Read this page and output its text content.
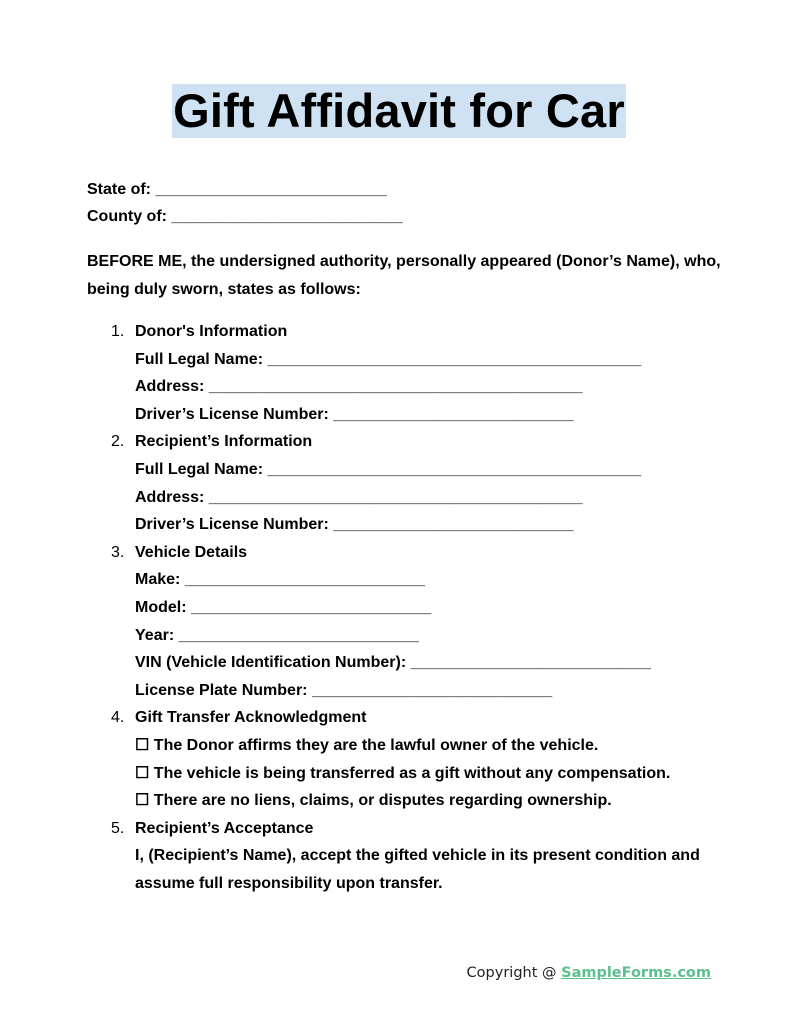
Gift Affidavit for Car
State of: __________________________
County of: __________________________
BEFORE ME, the undersigned authority, personally appeared (Donor’s Name), who, being duly sworn, states as follows:
1. Donor's Information
Full Legal Name: __________________________________________
Address: __________________________________________
Driver’s License Number: ___________________________
2. Recipient’s Information
Full Legal Name: __________________________________________
Address: __________________________________________
Driver’s License Number: ___________________________
3. Vehicle Details
Make: ___________________________
Model: ___________________________
Year: ___________________________
VIN (Vehicle Identification Number): ___________________________
License Plate Number: ___________________________
4. Gift Transfer Acknowledgment
☐ The Donor affirms they are the lawful owner of the vehicle.
☐ The vehicle is being transferred as a gift without any compensation.
☐ There are no liens, claims, or disputes regarding ownership.
5. Recipient’s Acceptance
I, (Recipient’s Name), accept the gifted vehicle in its present condition and assume full responsibility upon transfer.
Copyright @ SampleForms.com
